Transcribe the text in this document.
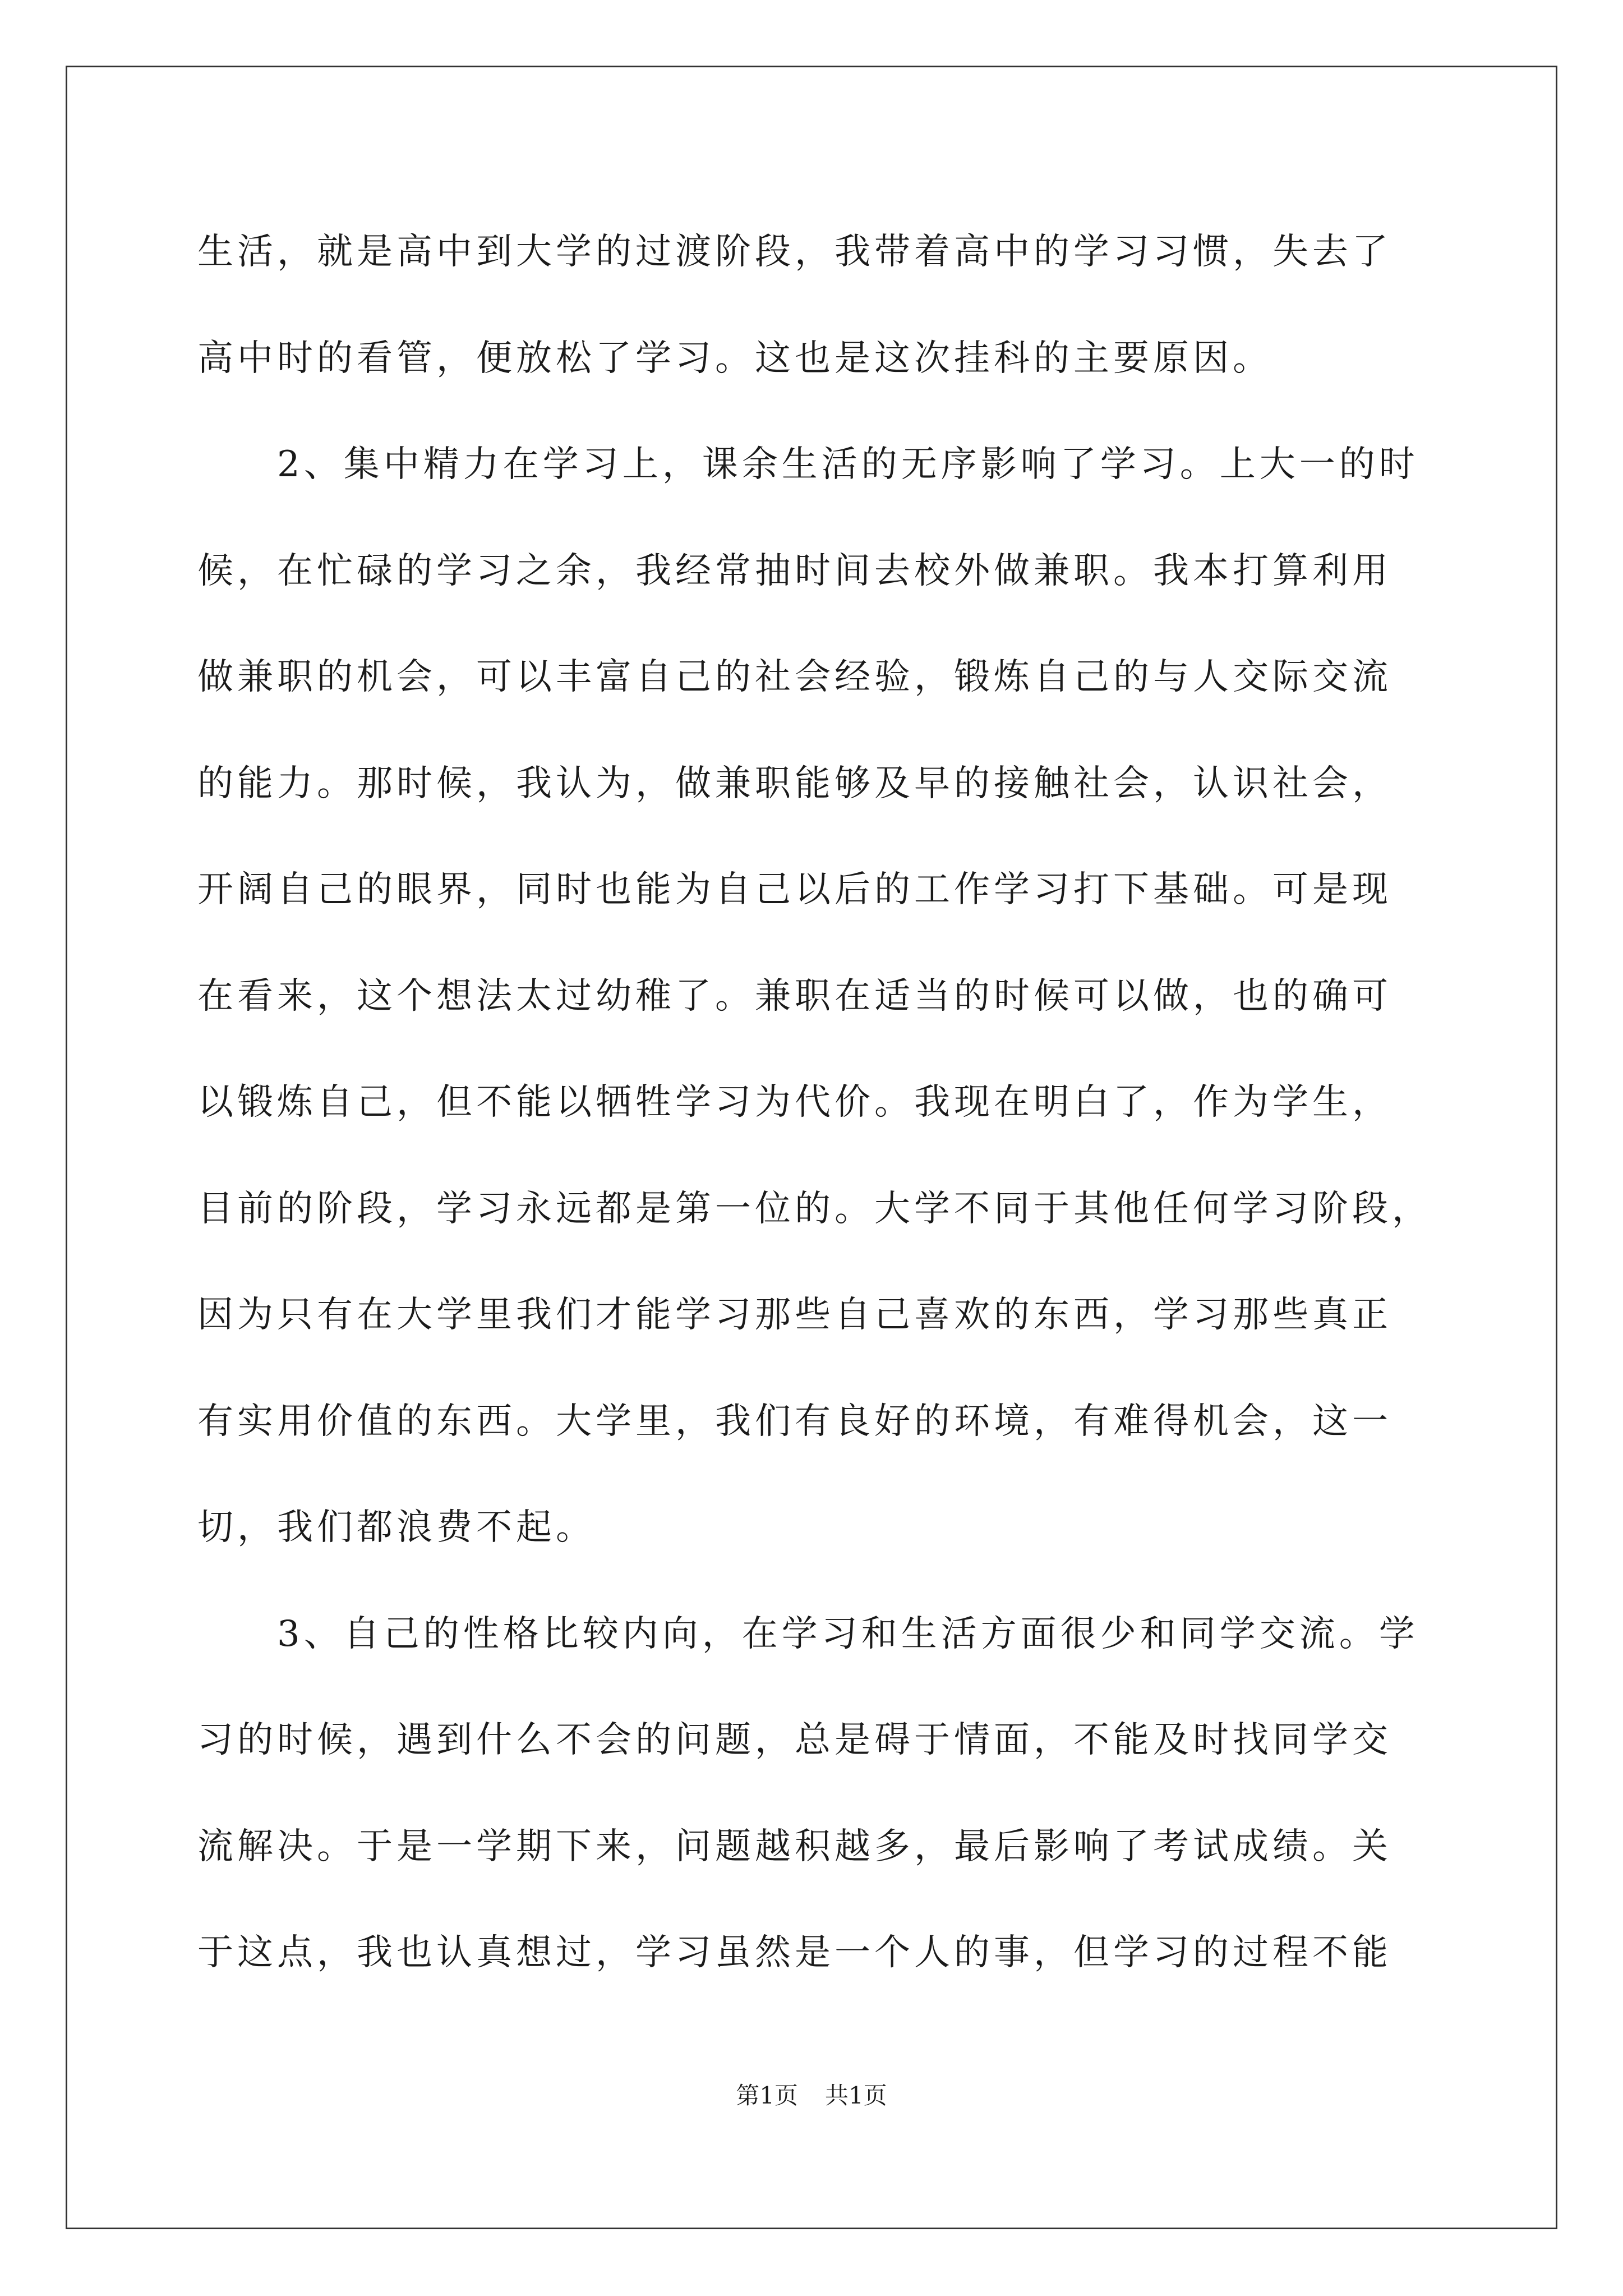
生活，就是高中到大学的过渡阶段，我带着高中的学习习惯，失去了
高中时的看管，便放松了学习。这也是这次挂科的主要原因。
　　2、集中精力在学习上，课余生活的无序影响了学习。上大一的时
候，在忙碌的学习之余，我经常抽时间去校外做兼职。我本打算利用
做兼职的机会，可以丰富自己的社会经验，锻炼自己的与人交际交流
的能力。那时候，我认为，做兼职能够及早的接触社会，认识社会，
开阔自己的眼界，同时也能为自己以后的工作学习打下基础。可是现
在看来，这个想法太过幼稚了。兼职在适当的时候可以做，也的确可
以锻炼自己，但不能以牺牲学习为代价。我现在明白了，作为学生，
目前的阶段，学习永远都是第一位的。大学不同于其他任何学习阶段，
因为只有在大学里我们才能学习那些自己喜欢的东西，学习那些真正
有实用价值的东西。大学里，我们有良好的环境，有难得机会，这一
切，我们都浪费不起。
　　3、自己的性格比较内向，在学习和生活方面很少和同学交流。学
习的时候，遇到什么不会的问题，总是碍于情面，不能及时找同学交
流解决。于是一学期下来，问题越积越多，最后影响了考试成绩。关
于这点，我也认真想过，学习虽然是一个人的事，但学习的过程不能
第1页 共1页
